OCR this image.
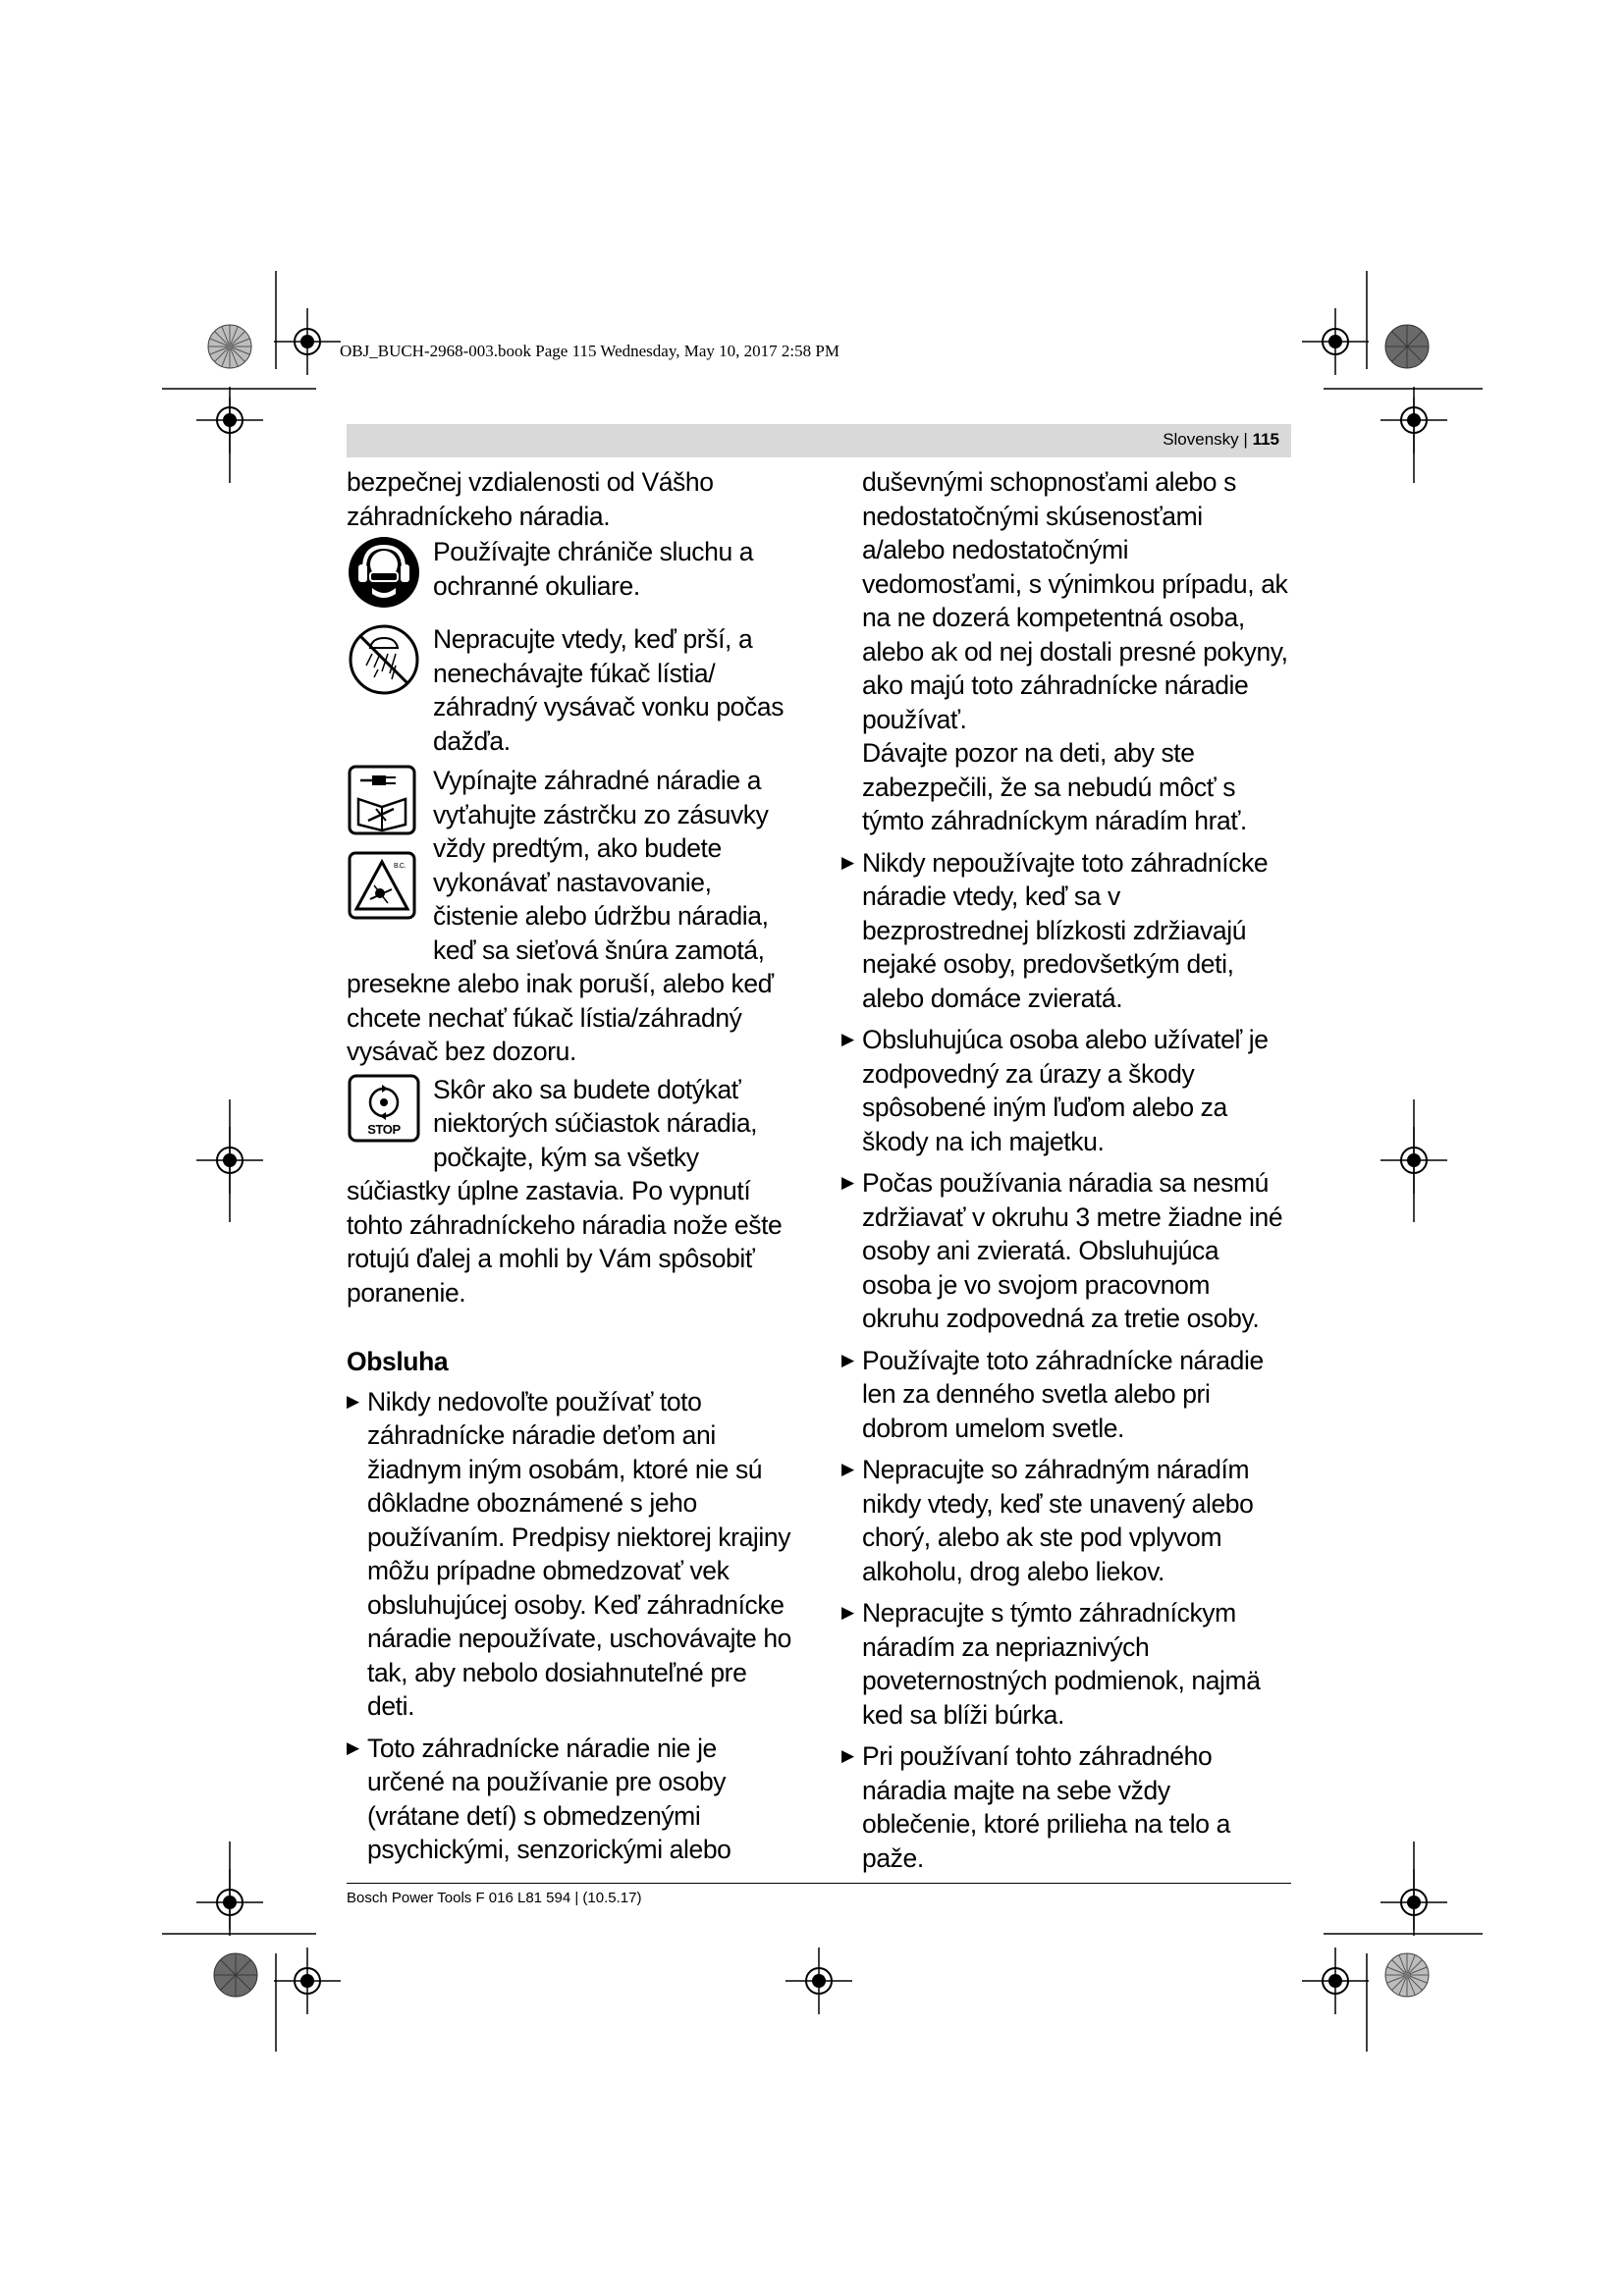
OBJ_BUCH-2968-003.book Page 115 Wednesday, May 10, 2017 2:58 PM
Slovensky | 115

bezpečnej vzdialenosti od Vášho záhradníckeho náradia.

Používajte chrániče sluchu a ochranné okuliare.

Nepracujte vtedy, keď prší, a nenechávajte fúkač lístia/ záhradný vysávač vonku počas dažďa.

B.C.

Vypínajte záhradné náradie a vyťahujte zástrčku zo zásuvky vždy predtým, ako budete vykonávať nastavovanie, čistenie alebo údržbu náradia, keď sa sieťová šnúra zamotá,

presekne alebo inak poruší, alebo keď chcete nechať fúkač lístia/záhradný vysávač bez dozoru.

STOP

Skôr ako sa budete dotýkať niektorých súčiastok náradia, počkajte, kým sa všetky

súčiastky úplne zastavia. Po vypnutí tohto záhradníckeho náradia nože ešte rotujú ďalej a mohli by Vám spôsobiť poranenie.

Obsluha
▶ Nikdy nedovoľte používať toto záhradnícke náradie deťom ani žiadnym iným osobám, ktoré nie sú dôkladne oboznámené s jeho používaním. Predpisy niektorej krajiny môžu prípadne obmedzovať vek obsluhujúcej osoby. Keď záhradnícke náradie nepoužívate, uschovávajte ho tak, aby nebolo dosiahnuteľné pre deti.
▶ Toto záhradnícke náradie nie je určené na používanie pre osoby (vrátane detí) s obmedzenými psychickými, senzorickými alebo

duševnými schopnosťami alebo s nedostatočnými skúsenosťami a/alebo nedostatočnými vedomosťami, s výnimkou prípadu, ak na ne dozerá kompetentná osoba, alebo ak od nej dostali presné pokyny, ako majú toto záhradnícke náradie používať.

Dávajte pozor na deti, aby ste zabezpečili, že sa nebudú môcť s týmto záhradníckym náradím hrať.

▶ Nikdy nepoužívajte toto záhradnícke náradie vtedy, keď sa v bezprostrednej blízkosti zdržiavajú nejaké osoby, predovšetkým deti, alebo domáce zvieratá.
▶ Obsluhujúca osoba alebo užívateľ je zodpovedný za úrazy a škody spôsobené iným ľuďom alebo za škody na ich majetku.
▶ Počas používania náradia sa nesmú zdržiavať v okruhu 3 metre žiadne iné osoby ani zvieratá. Obsluhujúca osoba je vo svojom pracovnom okruhu zodpovedná za tretie osoby.
▶ Používajte toto záhradnícke náradie len za denného svetla alebo pri dobrom umelom svetle.
▶ Nepracujte so záhradným náradím nikdy vtedy, keď ste unavený alebo chorý, alebo ak ste pod vplyvom alkoholu, drog alebo liekov.
▶ Nepracujte s týmto záhradníckym náradím za nepriaznivých poveternostných podmienok, najmä ked sa blíži búrka.
▶ Pri používaní tohto záhradného náradia majte na sebe vždy oblečenie, ktoré prilieha na telo a paže.
Bosch Power Tools F 016 L81 594 | (10.5.17)
